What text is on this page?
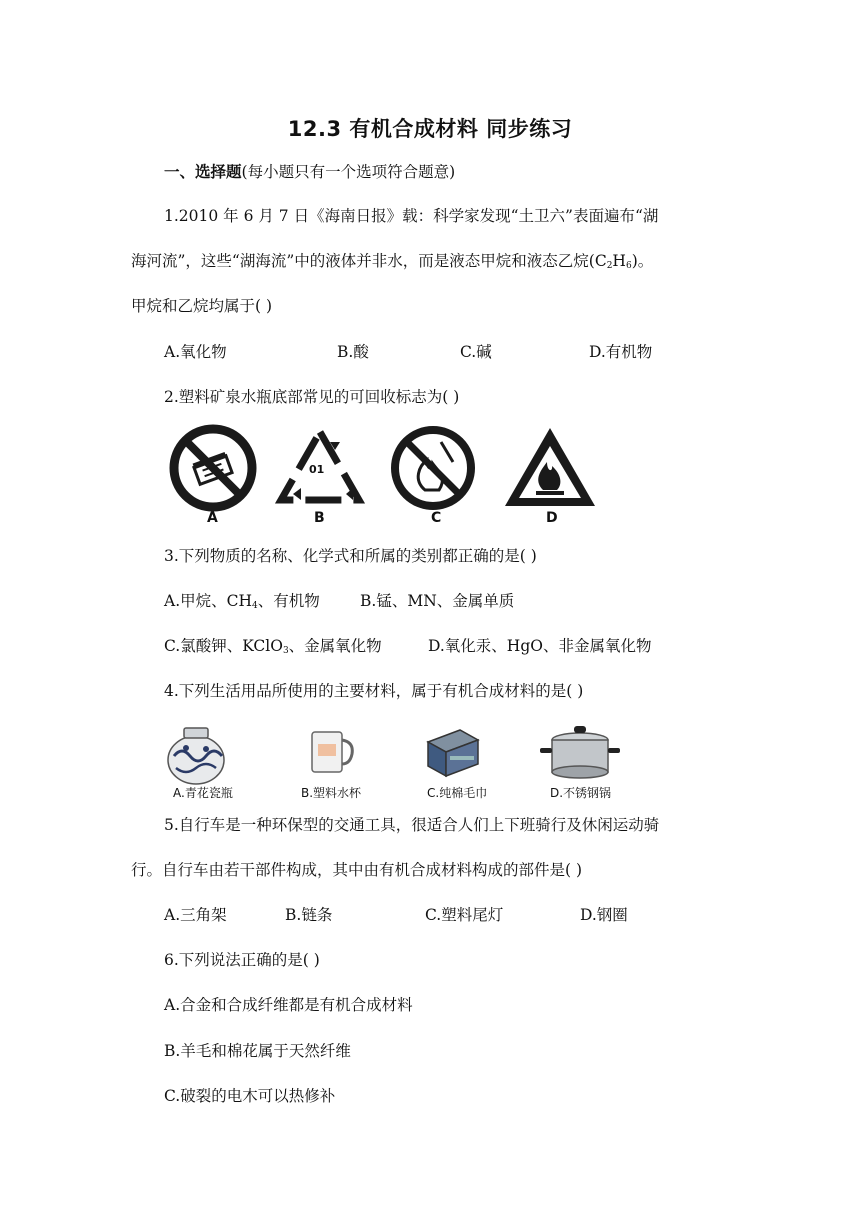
12.3 有机合成材料 同步练习
一、选择题(每小题只有一个选项符合题意)
1.2010 年 6 月 7 日《海南日报》载：科学家发现“土卫六”表面遍布“湖
海河流”，这些“湖海流”中的液体并非水，而是液态甲烷和液态乙烷$(C_2H_6)$。
甲烷和乙烷均属于( )
A.氧化物	B.酸	C.碱	D.有机物
2.塑料矿泉水瓶底部常见的可回收标志为( )
A	B	C	D
01
3.下列物质的名称、化学式和所属的类别都正确的是( )
A.甲烷、$CH_4$、有机物	B.锰、MN、金属单质
C.氯酸钾、KClO$_3$、金属氧化物	D.氧化汞、HgO、非金属氧化物
4.下列生活用品所使用的主要材料，属于有机合成材料的是( )
A.青花瓷瓶	B.塑料水杯	C.纯棉毛巾	D.不锈钢锅
5.自行车是一种环保型的交通工具，很适合人们上下班骑行及休闲运动骑
行。自行车由若干部件构成，其中由有机合成材料构成的部件是( )
A.三角架	B.链条	C.塑料尾灯	D.钢圈
6.下列说法正确的是( )
A.合金和合成纤维都是有机合成材料
B.羊毛和棉花属于天然纤维
C.破裂的电木可以热修补
